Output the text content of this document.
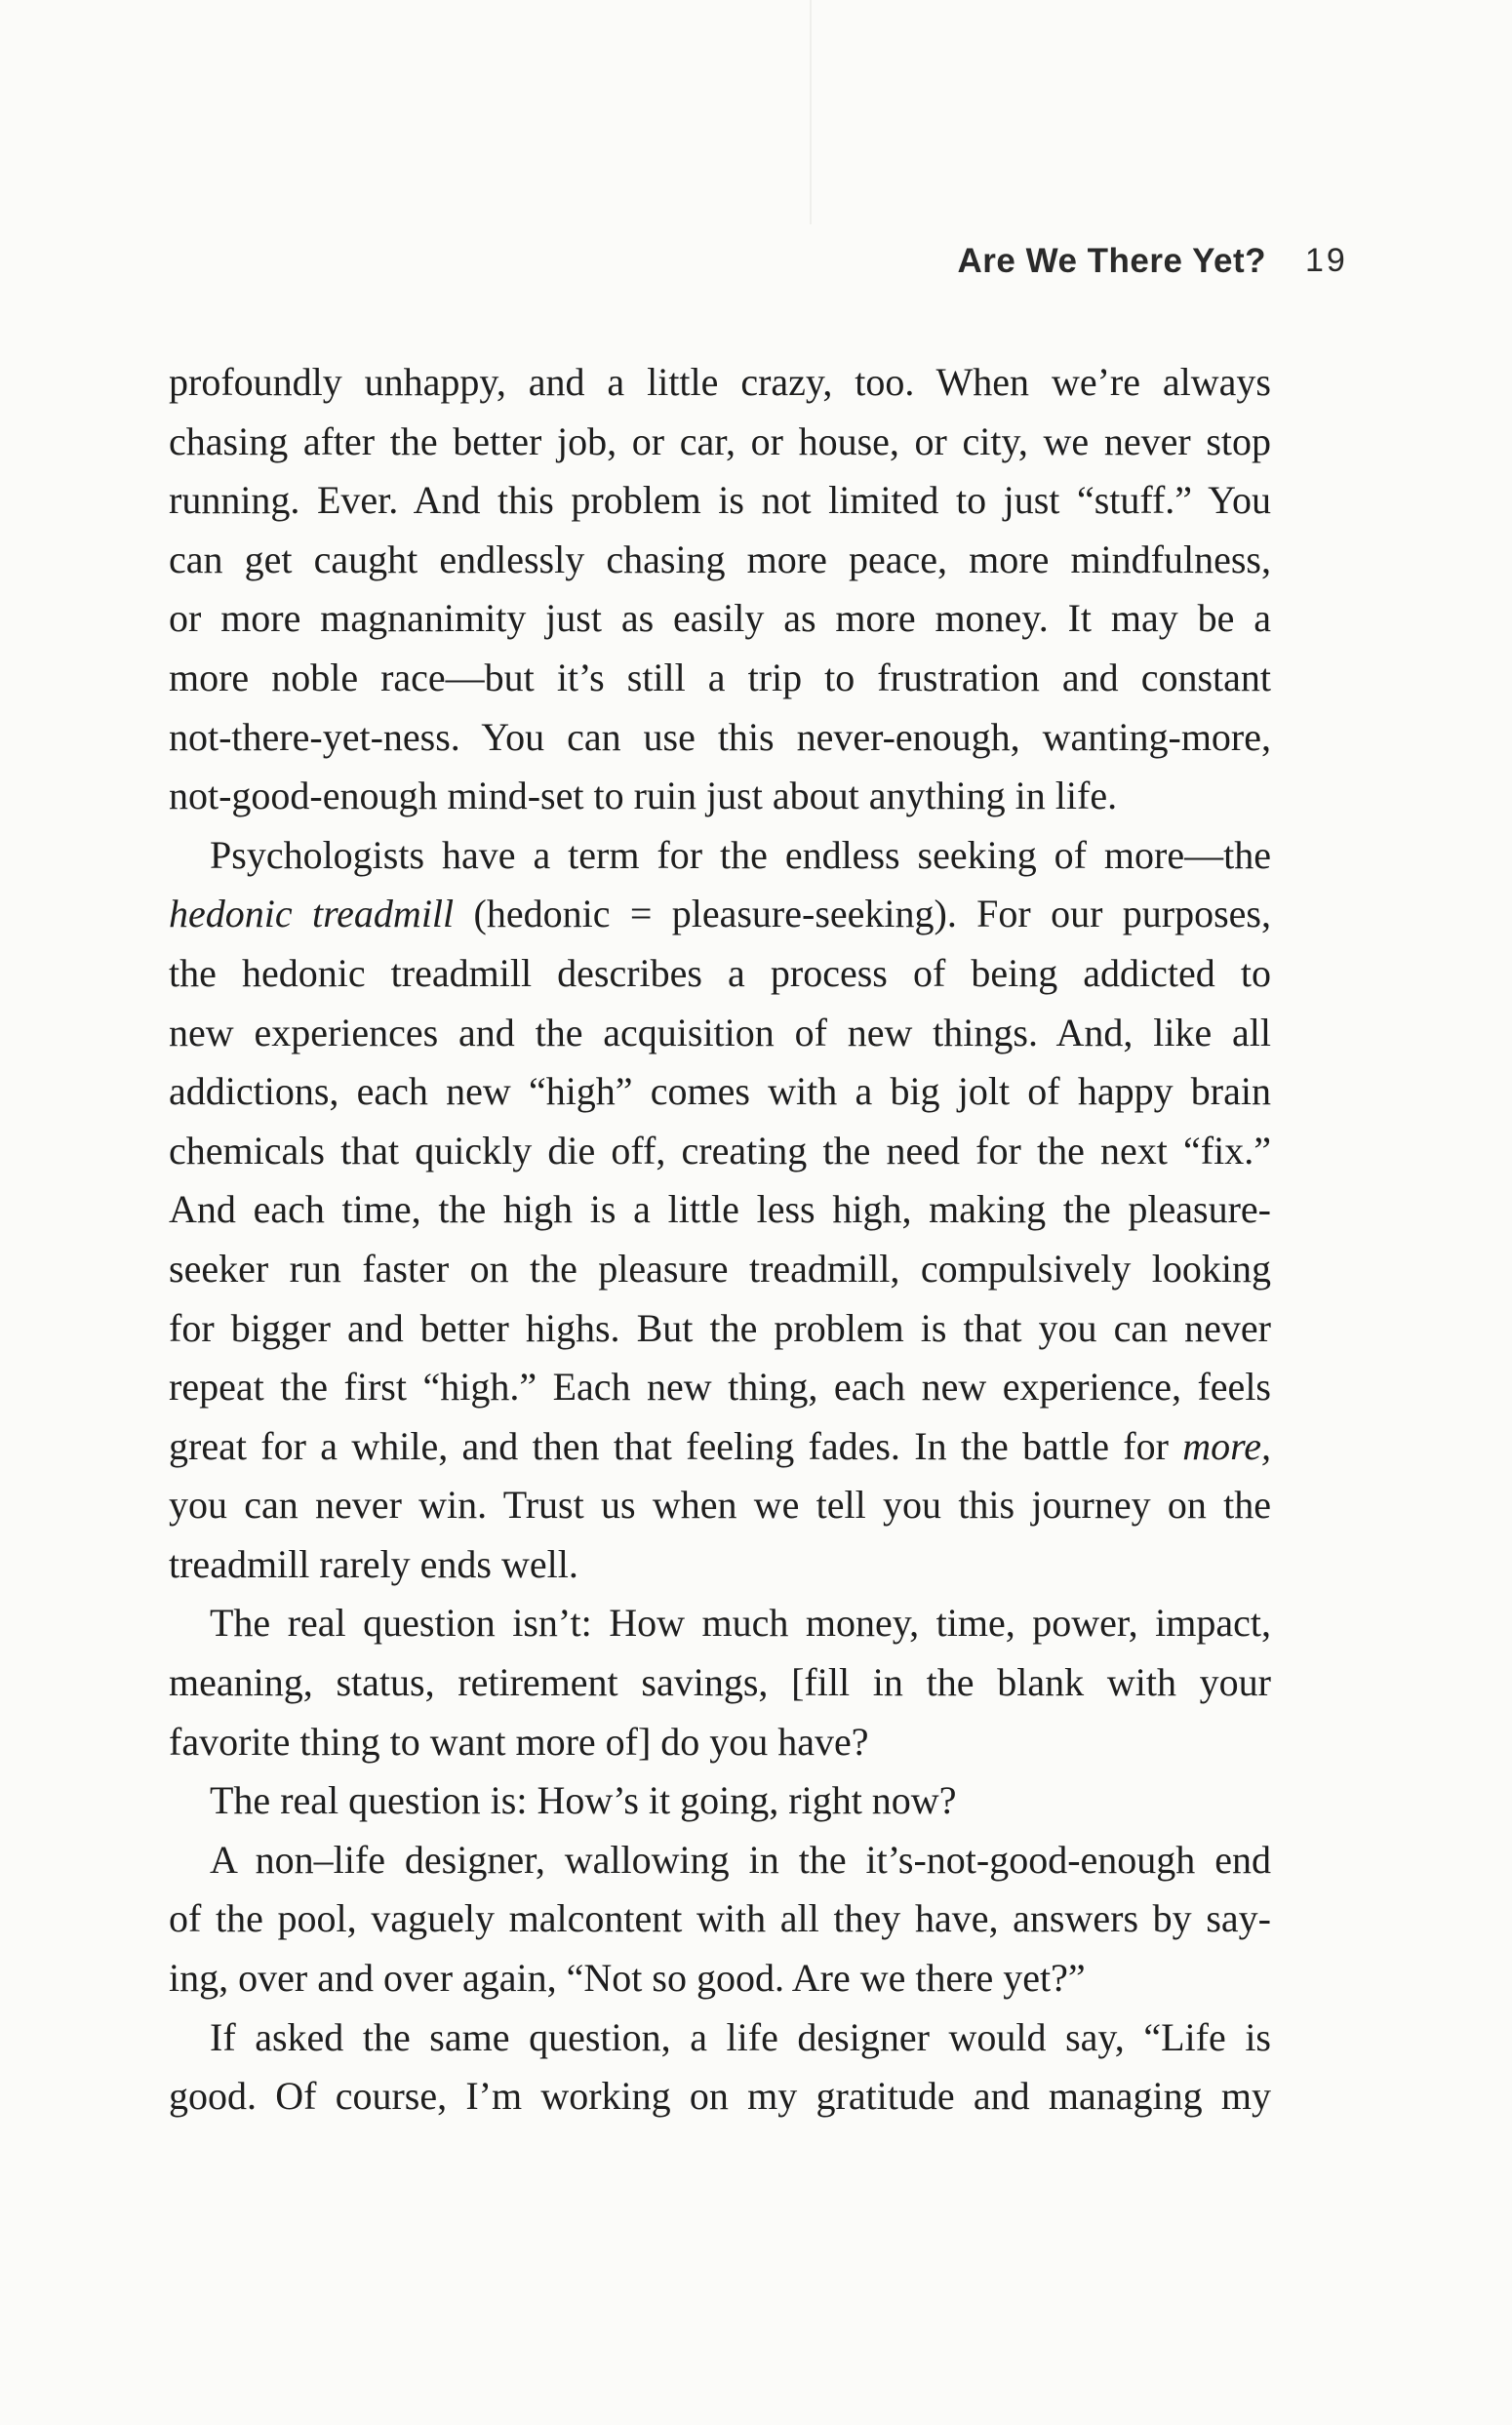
Are We There Yet? 19

profoundly unhappy, and a little crazy, too. When we’re always

chasing after the better job, or car, or house, or city, we never stop

running. Ever. And this problem is not limited to just “stuff.” You

can get caught endlessly chasing more peace, more mindfulness,

or more magnanimity just as easily as more money. It may be a

more noble race—but it’s still a trip to frustration and constant

not-there-yet-ness. You can use this never-enough, wanting-more,

not-good-enough mind-set to ruin just about anything in life.

Psychologists have a term for the endless seeking of more—the

hedonic treadmill (hedonic = pleasure-seeking). For our purposes,

the hedonic treadmill describes a process of being addicted to

new experiences and the acquisition of new things. And, like all

addictions, each new “high” comes with a big jolt of happy brain

chemicals that quickly die off, creating the need for the next “fix.”

And each time, the high is a little less high, making the pleasure-

seeker run faster on the pleasure treadmill, compulsively looking

for bigger and better highs. But the problem is that you can never

repeat the first “high.” Each new thing, each new experience, feels

great for a while, and then that feeling fades. In the battle for more,

you can never win. Trust us when we tell you this journey on the

treadmill rarely ends well.

The real question isn’t: How much money, time, power, impact,

meaning, status, retirement savings, [fill in the blank with your

favorite thing to want more of] do you have?

The real question is: How’s it going, right now?

A non–life designer, wallowing in the it’s-not-good-enough end

of the pool, vaguely malcontent with all they have, answers by say-

ing, over and over again, “Not so good. Are we there yet?”

If asked the same question, a life designer would say, “Life is

good. Of course, I’m working on my gratitude and managing my
